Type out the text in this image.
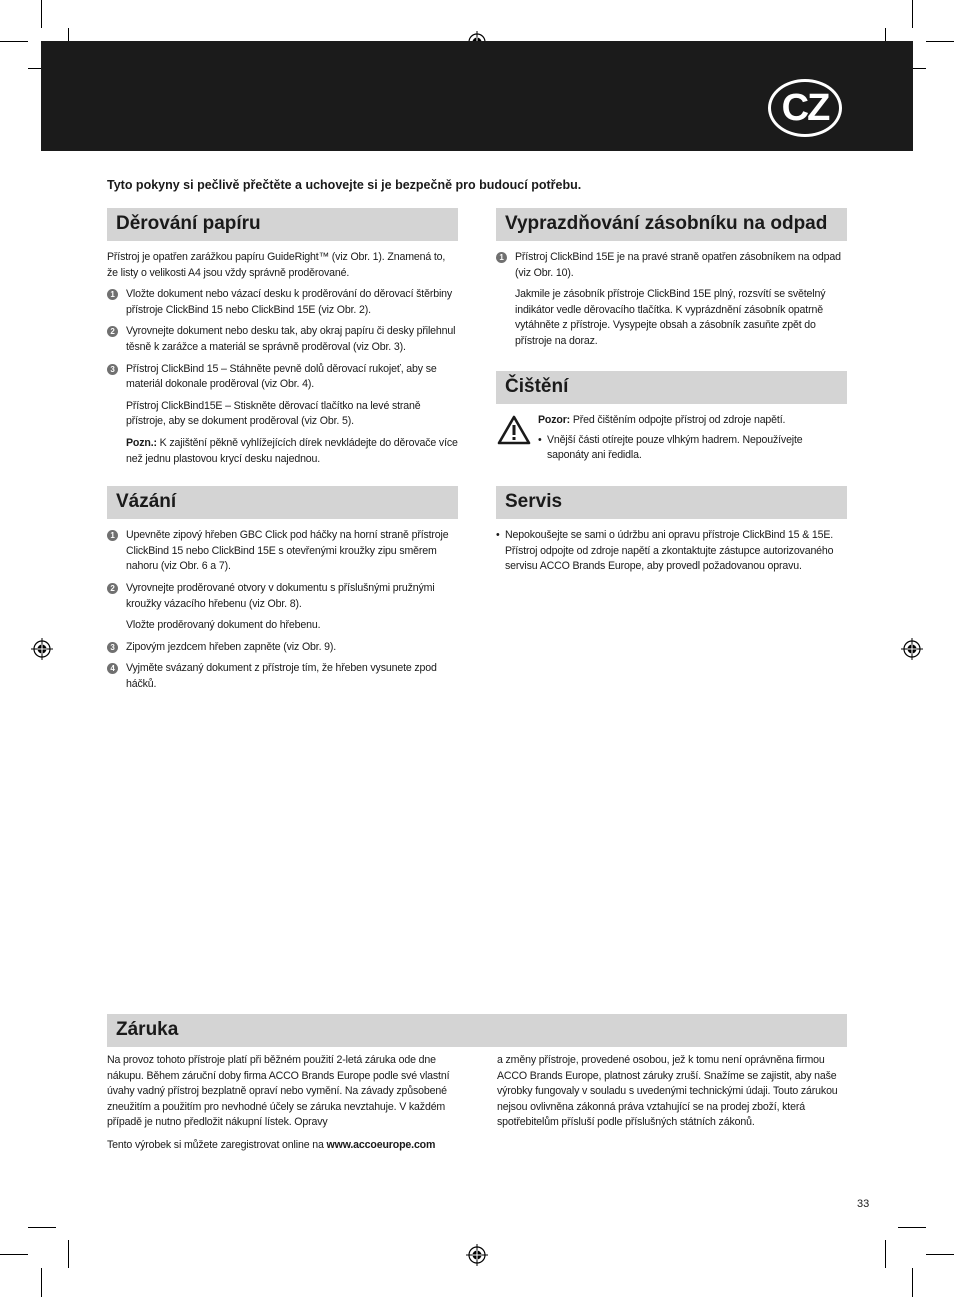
CZ

Tyto pokyny si pečlivě přečtěte a uchovejte si je bezpečně pro budoucí potřebu.

Děrování papíru

Přístroj je opatřen zarážkou papíru GuideRight™ (viz Obr. 1). Znamená to, že listy o velikosti A4 jsou vždy správně proděrované.

1	Vložte dokument nebo vázací desku k proděrování do děrovací štěrbiny přístroje ClickBind 15 nebo ClickBind 15E (viz Obr. 2).
2	Vyrovnejte dokument nebo desku tak, aby okraj papíru či desky přilehnul těsně k zarážce a materiál se správně proděroval (viz Obr. 3).
3	Přístroj ClickBind 15 – Stáhněte pevně dolů děrovací rukojeť, aby se materiál dokonale proděroval (viz Obr. 4).

Přístroj ClickBind15E – Stiskněte děrovací tlačítko na levé straně přístroje, aby se dokument proděroval (viz Obr. 5).

Pozn.: K zajištění pěkně vyhlížejících dírek nevkládejte do děrovače více než jednu plastovou krycí desku najednou.

Vázání
1	Upevněte zipový hřeben GBC Click pod háčky na horní straně přístroje ClickBind 15 nebo ClickBind 15E s otevřenými kroužky zipu směrem nahoru (viz Obr. 6 a 7).
2	Vyrovnejte proděrované otvory v dokumentu s příslušnými pružnými kroužky vázacího hřebenu (viz Obr. 8).

Vložte proděrovaný dokument do hřebenu.

3	Zipovým jezdcem hřeben zapněte (viz Obr. 9).
4	Vyjměte svázaný dokument z přístroje tím, že hřeben vysunete zpod háčků.
Vyprazdňování zásobníku na odpad
1	Přístroj ClickBind 15E je na pravé straně opatřen zásobníkem na odpad (viz Obr. 10).

Jakmile je zásobník přístroje ClickBind 15E plný, rozsvítí se světelný indikátor vedle děrovacího tlačítka. K vyprázdnění zásobník opatrně vytáhněte z přístroje. Vysypejte obsah a zásobník zasuňte zpět do přístroje na doraz.

Čištění

Pozor: Před čištěním odpojte přístroj od zdroje napětí.

• Vnější části otírejte pouze vlhkým hadrem. Nepoužívejte saponáty ani ředidla.

Servis

• Nepokoušejte se sami o údržbu ani opravu přístroje ClickBind 15 & 15E. Přístroj odpojte od zdroje napětí a zkontaktujte zástupce autorizovaného servisu ACCO Brands Europe, aby provedl požadovanou opravu.

Záruka

Na provoz tohoto přístroje platí při běžném použití 2-letá záruka ode dne nákupu. Během záruční doby firma ACCO Brands Europe podle své vlastní úvahy vadný přístroj bezplatně opraví nebo vymění. Na závady způsobené zneužitím a použitím pro nevhodné účely se záruka nevztahuje. V každém případě je nutno předložit nákupní lístek. Opravy

Tento výrobek si můžete zaregistrovat online na www.accoeurope.com

a změny přístroje, provedené osobou, jež k tomu není oprávněna firmou ACCO Brands Europe, platnost záruky zruší. Snažíme se zajistit, aby naše výrobky fungovaly v souladu s uvedenými technickými údaji. Touto zárukou nejsou ovlivněna zákonná práva vztahující se na prodej zboží, která spotřebitelům přísluší podle příslušných státních zákonů.

33
